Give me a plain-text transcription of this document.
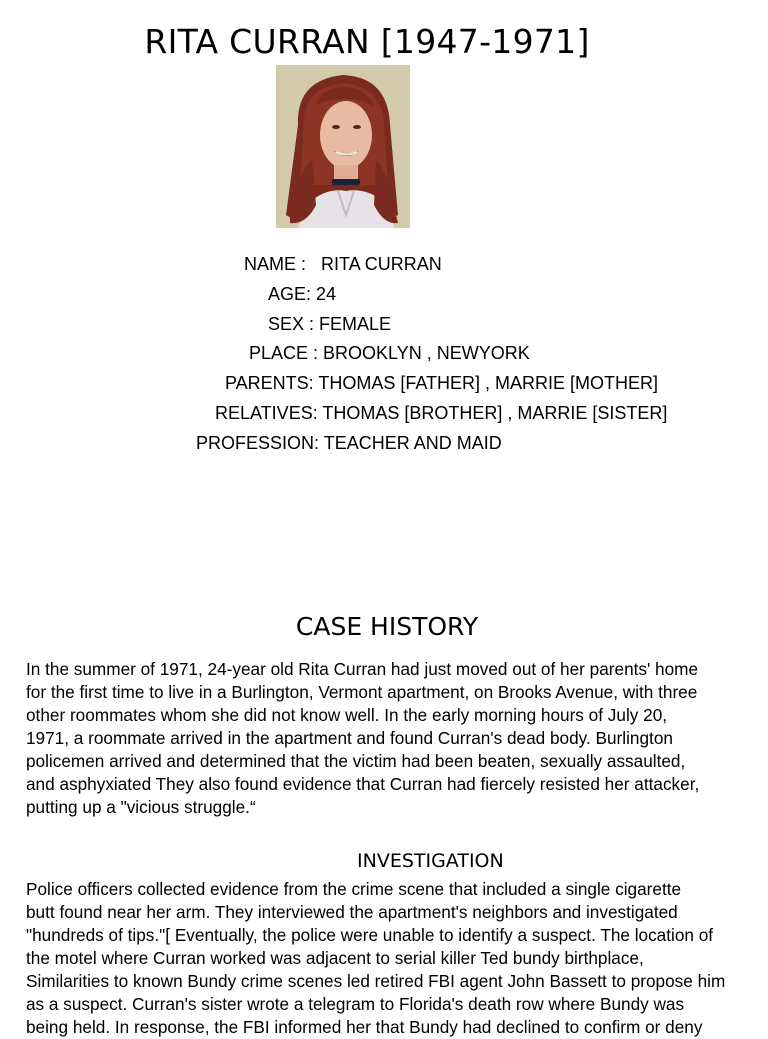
RITA CURRAN [1947-1971]
NAME : RITA CURRAN
AGE: 24
SEX : FEMALE
PLACE : BROOKLYN , NEWYORK
PARENTS: THOMAS [FATHER] , MARRIE [MOTHER]
RELATIVES: THOMAS [BROTHER] , MARRIE [SISTER]
PROFESSION: TEACHER AND MAID
CASE HISTORY
In the summer of 1971, 24-year old Rita Curran had just moved out of her parents' home
for the first time to live in a Burlington, Vermont apartment, on Brooks Avenue, with three
other roommates whom she did not know well. In the early morning hours of July 20,
1971, a roommate arrived in the apartment and found Curran's dead body. Burlington
policemen arrived and determined that the victim had been beaten, sexually assaulted,
and asphyxiated They also found evidence that Curran had fiercely resisted her attacker,
putting up a "vicious struggle.“
INVESTIGATION
Police officers collected evidence from the crime scene that included a single cigarette
butt found near her arm. They interviewed the apartment's neighbors and investigated
"hundreds of tips."[ Eventually, the police were unable to identify a suspect. The location of
the motel where Curran worked was adjacent to serial killer Ted bundy birthplace,
Similarities to known Bundy crime scenes led retired FBI agent John Bassett to propose him
as a suspect. Curran's sister wrote a telegram to Florida's death row where Bundy was
being held. In response, the FBI informed her that Bundy had declined to confirm or deny
